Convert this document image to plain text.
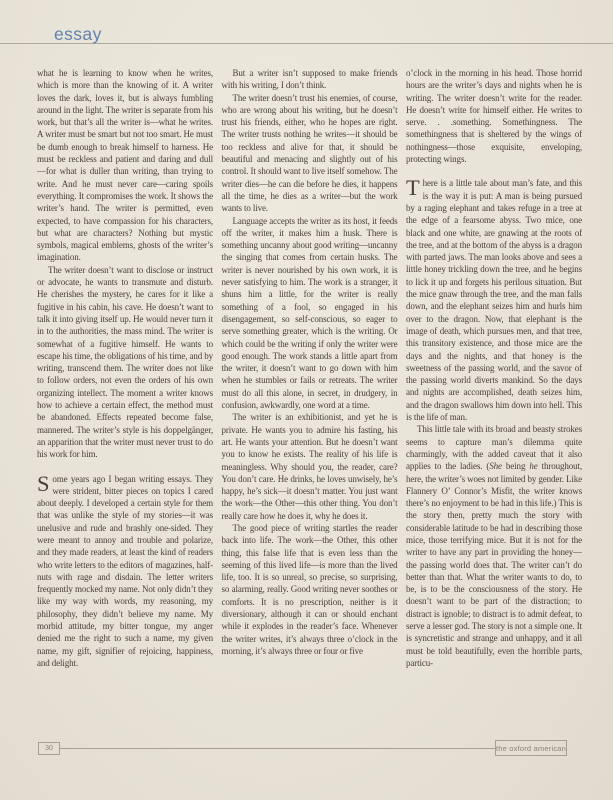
essay

what he is learning to know when he writes, which is more than the knowing of it. A writer loves the dark, loves it, but is always fumbling around in the light. The writer is separate from his work, but that’s all the writer is—what he writes. A writer must be smart but not too smart. He must be dumb enough to break himself to harness. He must be reckless and patient and daring and dull—for what is duller than writing, than trying to write. And he must never care—caring spoils everything. It compromises the work. It shows the writer’s hand. The writer is permitted, even expected, to have compassion for his characters, but what are characters? Nothing but mystic symbols, magical emblems, ghosts of the writer’s imagination.

The writer doesn’t want to disclose or instruct or advocate, he wants to transmute and disturb. He cherishes the mystery, he cares for it like a fugitive in his cabin, his cave. He doesn’t want to talk it into giving itself up. He would never turn it in to the authorities, the mass mind. The writer is somewhat of a fugitive himself. He wants to escape his time, the obligations of his time, and by writing, transcend them. The writer does not like to follow orders, not even the orders of his own organizing intellect. The moment a writer knows how to achieve a certain effect, the method must be abandoned. Effects repeated become false, mannered. The writer’s style is his doppelgänger, an apparition that the writer must never trust to do his work for him.

Some years ago I began writing essays. They were strident, bitter pieces on topics I cared about deeply. I developed a certain style for them that was unlike the style of my stories—it was unelusive and rude and brashly one-sided. They were meant to annoy and trouble and polarize, and they made readers, at least the kind of readers who write letters to the editors of magazines, half-nuts with rage and disdain. The letter writers frequently mocked my name. Not only didn’t they like my way with words, my reasoning, my philosophy, they didn’t believe my name. My morbid attitude, my bitter tongue, my anger denied me the right to such a name, my given name, my gift, signifier of rejoicing, happiness, and delight.

But a writer isn’t supposed to make friends with his writing, I don’t think.

The writer doesn’t trust his enemies, of course, who are wrong about his writing, but he doesn’t trust his friends, either, who he hopes are right. The writer trusts nothing he writes—it should be too reckless and alive for that, it should be beautiful and menacing and slightly out of his control. It should want to live itself somehow. The writer dies—he can die before he dies, it happens all the time, he dies as a writer—but the work wants to live.

Language accepts the writer as its host, it feeds off the writer, it makes him a husk. There is something uncanny about good writing—uncanny the singing that comes from certain husks. The writer is never nourished by his own work, it is never satisfying to him. The work is a stranger, it shuns him a little, for the writer is really something of a fool, so engaged in his disengagement, so self-conscious, so eager to serve something greater, which is the writing. Or which could be the writing if only the writer were good enough. The work stands a little apart from the writer, it doesn’t want to go down with him when he stumbles or fails or retreats. The writer must do all this alone, in secret, in drudgery, in confusion, awkwardly, one word at a time.

The writer is an exhibitionist, and yet he is private. He wants you to admire his fasting, his art. He wants your attention. But he doesn’t want you to know he exists. The reality of his life is meaningless. Why should you, the reader, care? You don’t care. He drinks, he loves unwisely, he’s happy, he’s sick—it doesn’t matter. You just want the work—the Other—this other thing. You don’t really care how he does it, why he does it.

The good piece of writing startles the reader back into life. The work—the Other, this other thing, this false life that is even less than the seeming of this lived life—is more than the lived life, too. It is so unreal, so precise, so surprising, so alarming, really. Good writing never soothes or comforts. It is no prescription, neither is it diversionary, although it can or should enchant while it explodes in the reader’s face. Whenever the writer writes, it’s always three o’clock in the morning, it’s always three or four or five

o’clock in the morning in his head. Those horrid hours are the writer’s days and nights when he is writing. The writer doesn’t write for the reader. He doesn’t write for himself either. He writes to serve. . .something. Somethingness. The somethingness that is sheltered by the wings of nothingness—those exquisite, enveloping, protecting wings.

There is a little tale about man’s fate, and this is the way it is put: A man is being pursued by a raging elephant and takes refuge in a tree at the edge of a fearsome abyss. Two mice, one black and one white, are gnawing at the roots of the tree, and at the bottom of the abyss is a dragon with parted jaws. The man looks above and sees a little honey trickling down the tree, and he begins to lick it up and forgets his perilous situation. But the mice gnaw through the tree, and the man falls down, and the elephant seizes him and hurls him over to the dragon. Now, that elephant is the image of death, which pursues men, and that tree, this transitory existence, and those mice are the days and the nights, and that honey is the sweetness of the passing world, and the savor of the passing world diverts mankind. So the days and nights are accomplished, death seizes him, and the dragon swallows him down into hell. This is the life of man.

This little tale with its broad and beasty strokes seems to capture man’s dilemma quite charmingly, with the added caveat that it also applies to the ladies. (She being he throughout, here, the writer’s woes not limited by gender. Like Flannery O’ Connor’s Misfit, the writer knows there’s no enjoyment to be had in this life.) This is the story then, pretty much the story with considerable latitude to be had in describing those mice, those terrifying mice. But it is not for the writer to have any part in providing the honey—the passing world does that. The writer can’t do better than that. What the writer wants to do, to be, is to be the consciousness of the story. He doesn’t want to be part of the distraction; to distract is ignoble; to distract is to admit defeat, to serve a lesser god. The story is not a simple one. It is syncretistic and strange and unhappy, and it all must be told beautifully, even the horrible parts, particu-

30	the oxford american
